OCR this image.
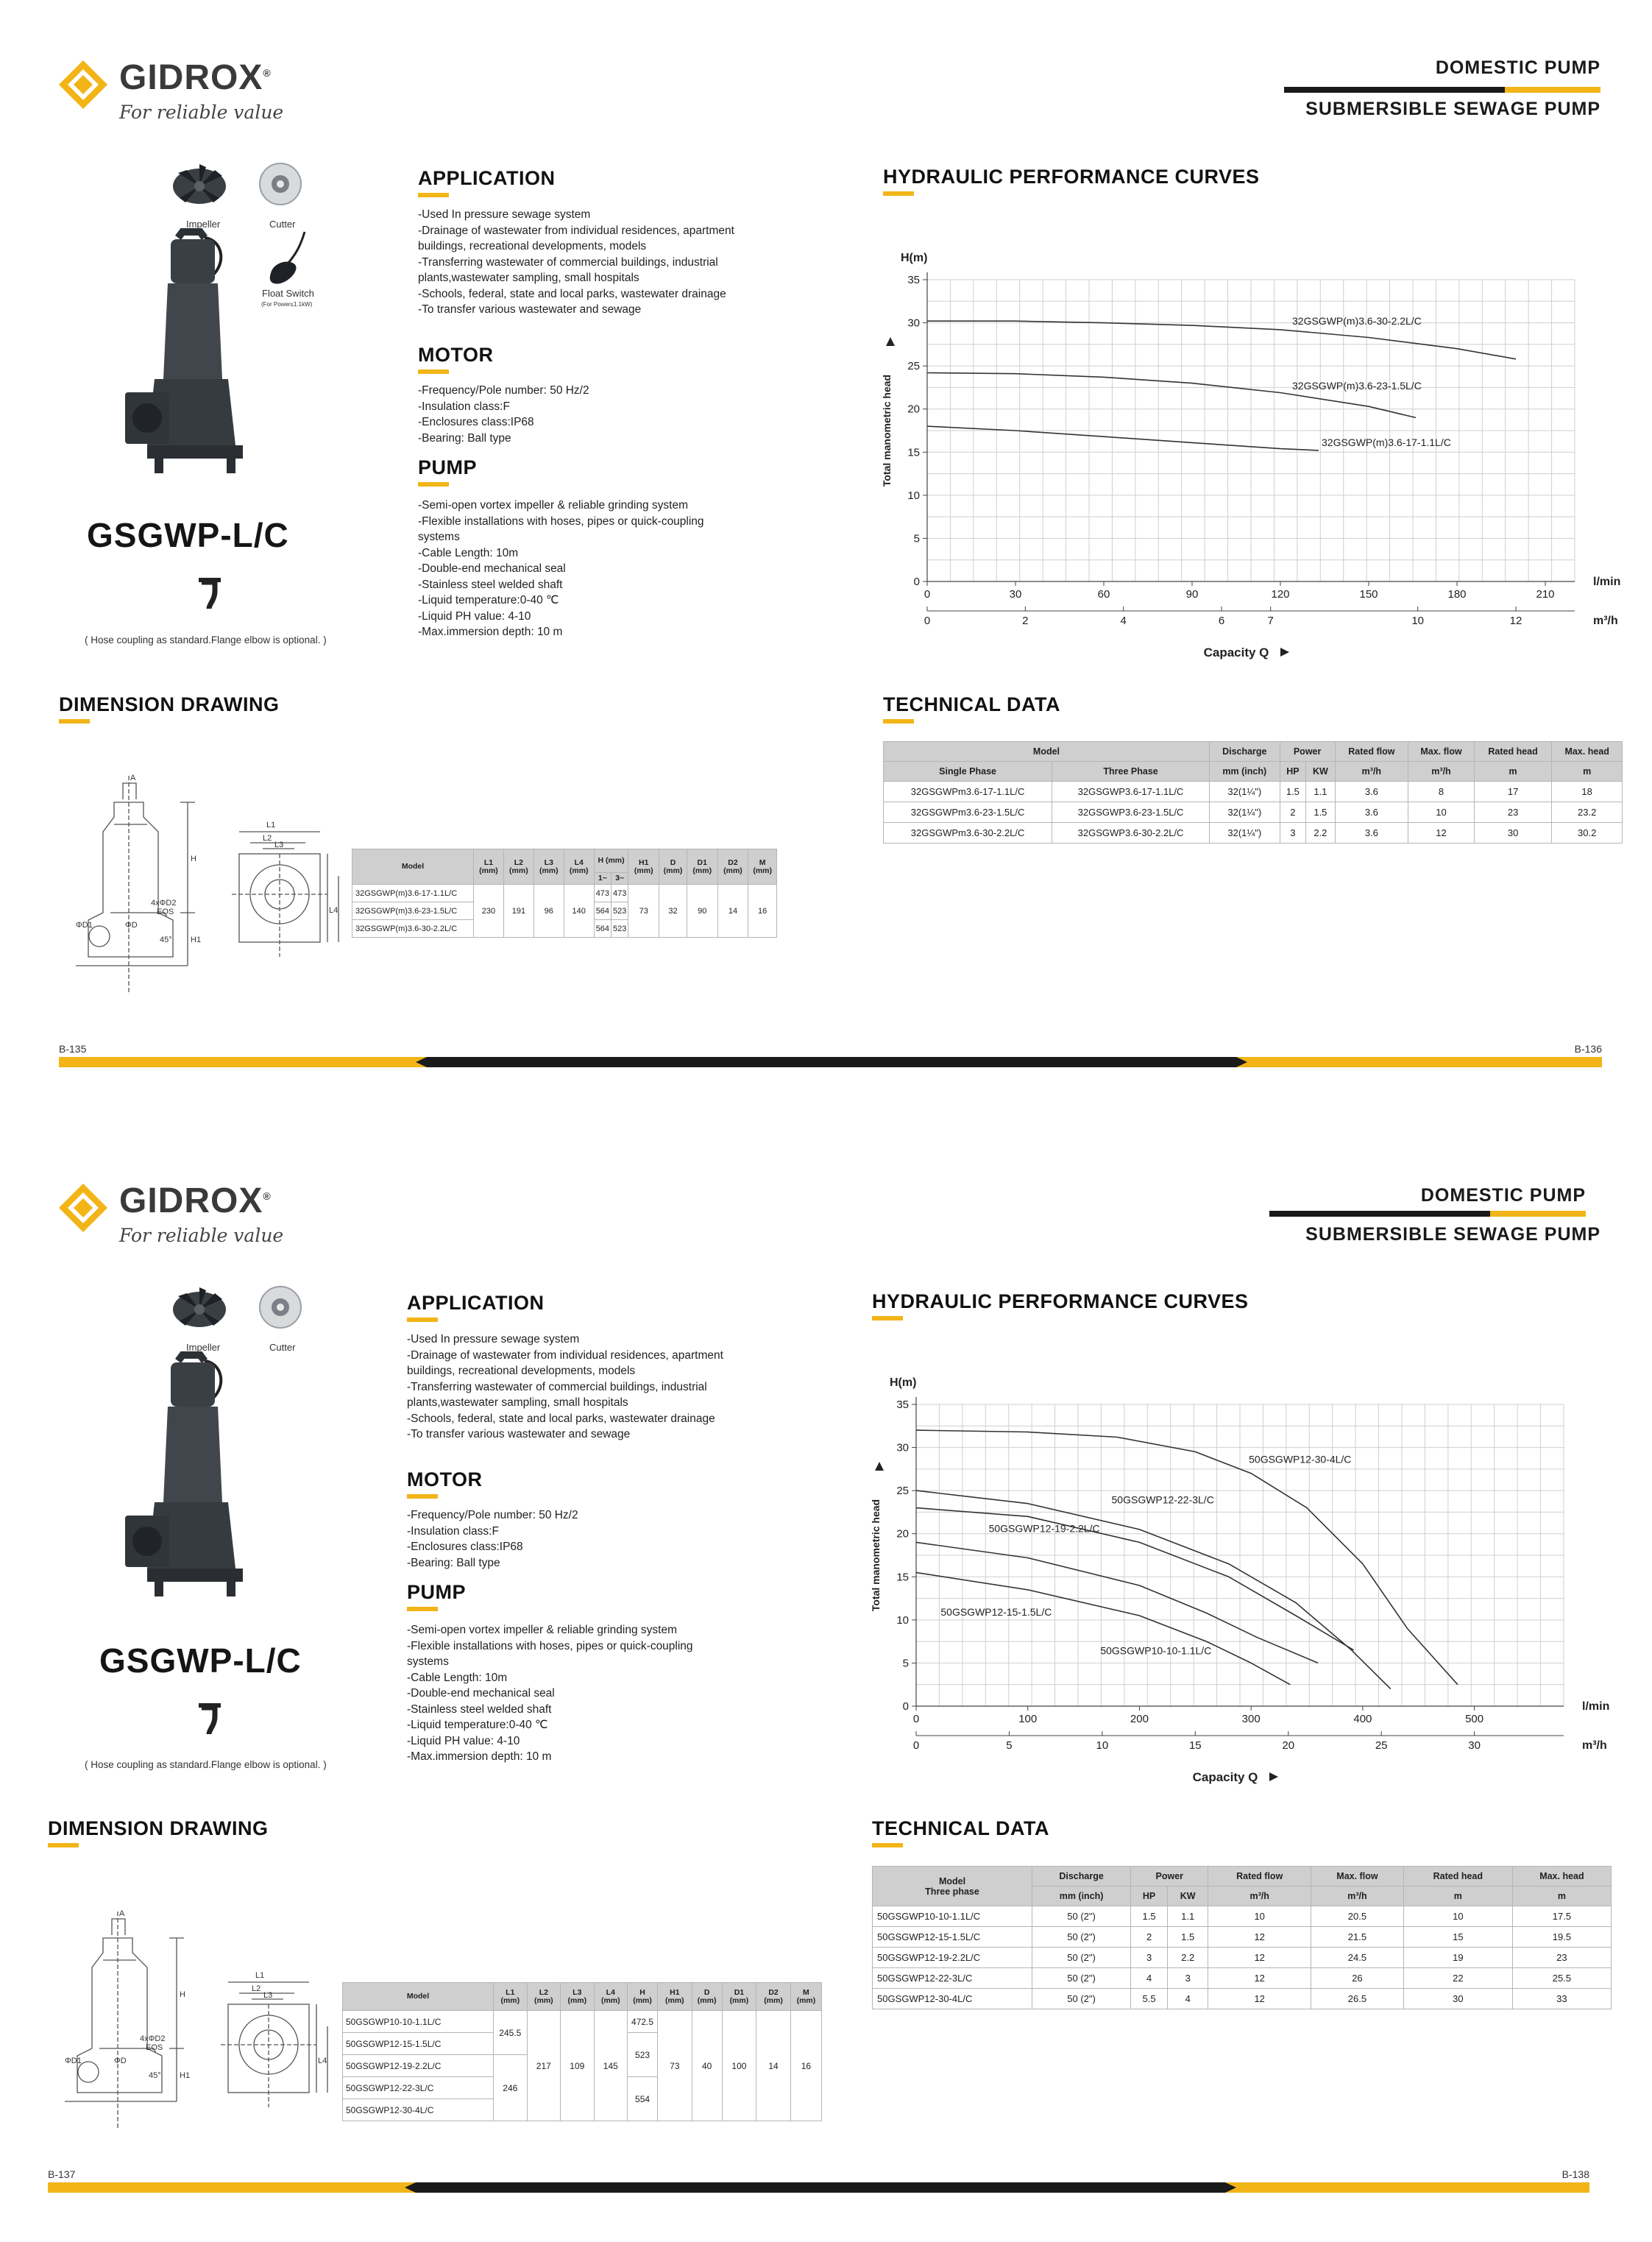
GIDROX®
For reliable value
DOMESTIC PUMP
SUBMERSIBLE SEWAGE PUMP
Impeller	Cutter
Float Switch
(For Power≤1.1kW)
GSGWP-L/C
( Hose coupling as standard.Flange elbow is optional. )
APPLICATION
-Used In pressure sewage system
-Drainage of wastewater from individual residences, apartment
buildings, recreational developments, models
-Transferring wastewater of commercial buildings, industrial
plants,wastewater sampling, small hospitals
-Schools, federal, state and local parks, wastewater drainage
-To transfer various wastewater and sewage
MOTOR
-Frequency/Pole number: 50 Hz/2
-Insulation class:F
-Enclosures class:IP68
-Bearing: Ball type
PUMP
-Semi-open vortex impeller & reliable grinding system
-Flexible installations with hoses, pipes or quick-coupling
systems
-Cable Length: 10m
-Double-end mechanical seal
-Stainless steel welded shaft
-Liquid temperature:0-40 ℃
-Liquid PH value: 4-10
-Max.immersion depth: 10 m
HYDRAULIC PERFORMANCE CURVES
0
5
10
15
20
25
30
35
0	30	60	90	120	150	180	210
0	2	4	6	7	10	12
H(m)
l/min
m³/h
Capacity Q
Total manometric head
32GSGWP(m)3.6-30-2.2L/C
32GSGWP(m)3.6-23-1.5L/C
32GSGWP(m)3.6-17-1.1L/C
DIMENSION DRAWING
A
H
H1
ΦD1	ΦD
4xΦD2
EQS
45°
L1
L2
L3
L4
Model	L1 (mm)	L2 (mm)	L3 (mm)	L4 (mm)	H (mm)		H1 (mm)	D (mm)	D1 (mm)	D2 (mm)	M (mm)
					1~	3~					
32GSGWP(m)3.6-17-1.1L/C	230	191	96	140	473	473	73	32	90	14	16
32GSGWP(m)3.6-23-1.5L/C					564	523					
32GSGWP(m)3.6-30-2.2L/C					564	523					
TECHNICAL DATA
Model		Discharge	Power		Rated flow	Max. flow	Rated head	Max. head
Single Phase	Three Phase	mm (inch)	HP	KW	m³/h	m³/h	m	m
32GSGWPm3.6-17-1.1L/C	32GSGWP3.6-17-1.1L/C	32(1¼")	1.5	1.1	3.6	8	17	18
32GSGWPm3.6-23-1.5L/C	32GSGWP3.6-23-1.5L/C	32(1¼")	2	1.5	3.6	10	23	23.2
32GSGWPm3.6-30-2.2L/C	32GSGWP3.6-30-2.2L/C	32(1¼")	3	2.2	3.6	12	30	30.2
B-135	B-136
GIDROX®
For reliable value
DOMESTIC PUMP
SUBMERSIBLE SEWAGE PUMP
Impeller	Cutter
GSGWP-L/C
( Hose coupling as standard.Flange elbow is optional. )
APPLICATION
-Used In pressure sewage system
-Drainage of wastewater from individual residences, apartment
buildings, recreational developments, models
-Transferring wastewater of commercial buildings, industrial
plants,wastewater sampling, small hospitals
-Schools, federal, state and local parks, wastewater drainage
-To transfer various wastewater and sewage
MOTOR
-Frequency/Pole number: 50 Hz/2
-Insulation class:F
-Enclosures class:IP68
-Bearing: Ball type
PUMP
-Semi-open vortex impeller & reliable grinding system
-Flexible installations with hoses, pipes or quick-coupling
systems
-Cable Length: 10m
-Double-end mechanical seal
-Stainless steel welded shaft
-Liquid temperature:0-40 ℃
-Liquid PH value: 4-10
-Max.immersion depth: 10 m
HYDRAULIC PERFORMANCE CURVES
0
5
10
15
20
25
30
35
0	100	200	300	400	500
0	5	10	15	20	25	30
H(m)
l/min
m³/h
Capacity Q
Total manometric head
50GSGWP12-30-4L/C
50GSGWP12-22-3L/C
50GSGWP12-19-2.2L/C
50GSGWP12-15-1.5L/C
50GSGWP10-10-1.1L/C
DIMENSION DRAWING
A
H
H1
ΦD1	ΦD
4xΦD2
EQS
45°
L1
L2
L3
L4
Model	L1 (mm)	L2 (mm)	L3 (mm)	L4 (mm)	H (mm)	H1 (mm)	D (mm)	D1 (mm)	D2 (mm)	M (mm)
50GSGWP10-10-1.1L/C	245.5	217	109	145	472.5	73	40	100	14	16
50GSGWP12-15-1.5L/C					523					
50GSGWP12-19-2.2L/C	246									
50GSGWP12-22-3L/C					554					
50GSGWP12-30-4L/C										
TECHNICAL DATA
Model
Three phase	Discharge	Power		Rated flow	Max. flow	Rated head	Max. head
	mm (inch)	HP	KW	m³/h	m³/h	m	m
50GSGWP10-10-1.1L/C	50 (2")	1.5	1.1	10	20.5	10	17.5
50GSGWP12-15-1.5L/C	50 (2")	2	1.5	12	21.5	15	19.5
50GSGWP12-19-2.2L/C	50 (2")	3	2.2	12	24.5	19	23
50GSGWP12-22-3L/C	50 (2")	4	3	12	26	22	25.5
50GSGWP12-30-4L/C	50 (2")	5.5	4	12	26.5	30	33
B-137	B-138
